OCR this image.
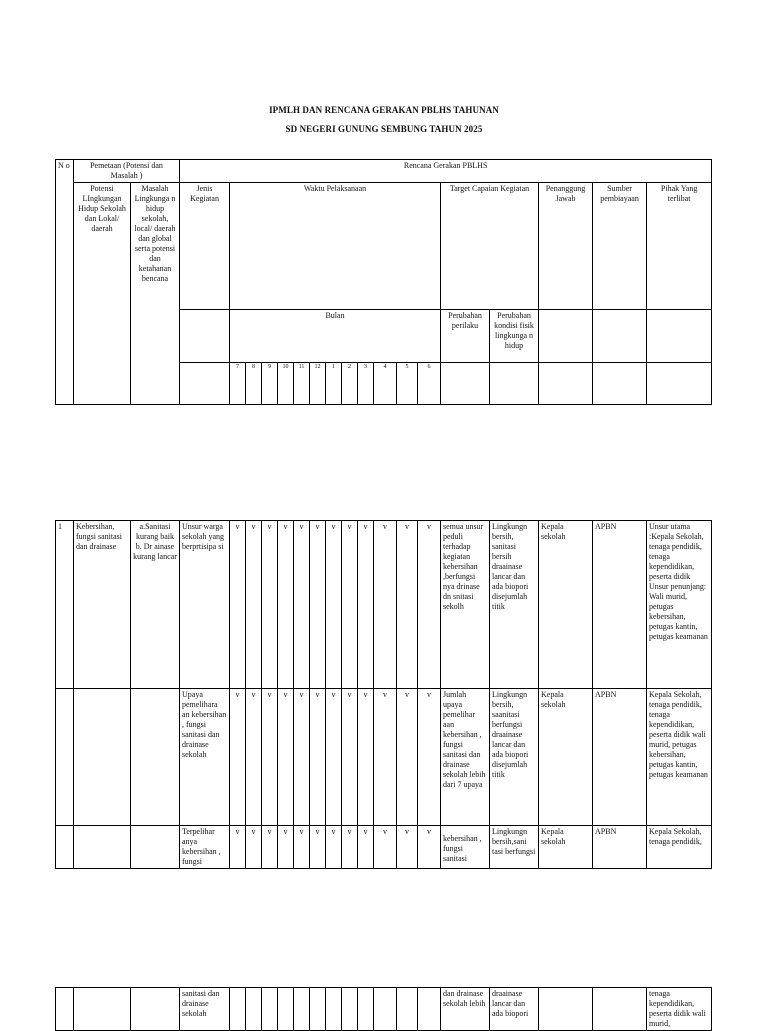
IPMLH DAN RENCANA GERAKAN PBLHS TAHUNAN
SD NEGERI GUNUNG SEMBUNG TAHUN 2025
N o	Pemetaan (Potensi dan Masalah )		Rencana Gerakan PBLHS																	
	Potensi LIngkungan Hidup Sekolah dan Lokal/ daerah	Masalah Lingkunga n hidup sekolah, local/ daerah dan global serta potensi dan ketahanan bencana	Jenis Kegiatan	Waktu Pelaksanaan												Target Capaian Kegiatan		Penanggung Jawab	Sumber pembiayaan	Pihak Yang terlibat
				Bulan												Perubahan perilaku	Perubahan kondisi fisik lingkunga n hidup			
				7	8	9	10	11	12	1	2	3	4	5	6					
1	Kebersihan, fungsi sanitasi dan drainase	a.Sanitasi kurang baik b. Dr ainase kurang lancar	Unsur warga sekolah yang berprtisipa si	v	v	v	v	v	v	v	v	v	v	v	v	semua unsur peduli terhadap kegiatan kebersihan ,berfungsi nya drinase dn snitasi sekolh	Lingkungn bersih, sanitasi bersih draainase lancar dan ada biopori disejumlah titik	Kepala sekolah	APBN	Unsur utama :Kepala Sekolah, tenaga pendidik, tenaga kependidikan, peserta didik Unsur penunjang: Wali murid, petugas kebersihan, petugas kantin, petugas keamanan
			Upaya pemelihara an kebersihan , fungsi sanitasi dan drainase sekolah	v	v	v	v	v	v	v	v	v	v	v	v	Jumlah upaya pemelihar aan kebersihan , fungsi sanitasi dan drainase sekolah lebih dari 7 upaya	Lingkungn bersih, saanitasi berfungsi draainase lancar dan ada biopori disejumlah titik	Kepala sekolah	APBN	Kepala Sekolah, tenaga pendidik, tenaga kependidikan, peserta didik wali murid, petugas kebersihan, petugas kantin, petugas keamanan
			Terpelihar anya kebersihan , fungsi	v	v	v	v	v	v	v	v	v	v	v	v	kebersihan , fungsi sanitasi	Lingkungn bersih,sani tasi berfungsi	Kepala sekolah	APBN	Kepala Sekolah, tenaga pendidik,
			sanitasi dan drainase sekolah													dan drainase sekolah lebih	draainase lancar dan ada biopori			tenaga kependidikan, peserta didik wali murid,
